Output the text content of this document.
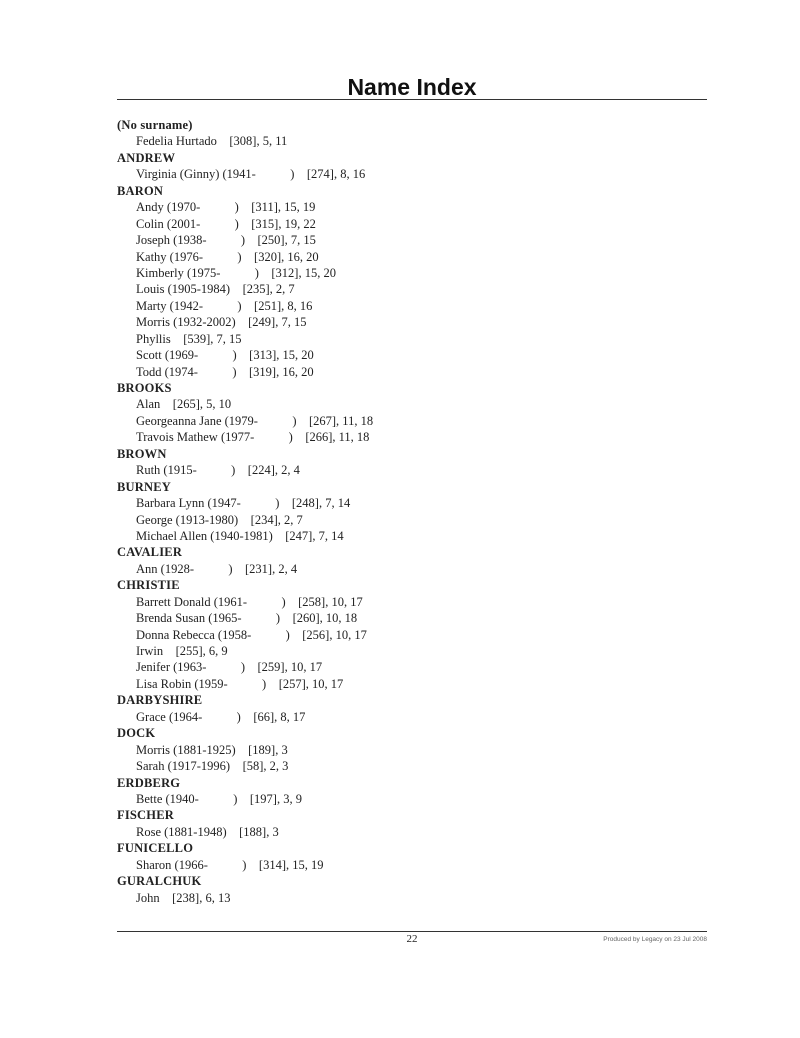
Name Index
(No surname)
Fedelia Hurtado    [308], 5, 11
ANDREW
Virginia (Ginny) (1941-           )    [274], 8, 16
BARON
Andy (1970-           )    [311], 15, 19
Colin (2001-           )    [315], 19, 22
Joseph (1938-           )    [250], 7, 15
Kathy (1976-           )    [320], 16, 20
Kimberly (1975-           )    [312], 15, 20
Louis (1905-1984)    [235], 2, 7
Marty (1942-           )    [251], 8, 16
Morris (1932-2002)    [249], 7, 15
Phyllis    [539], 7, 15
Scott (1969-           )    [313], 15, 20
Todd (1974-           )    [319], 16, 20
BROOKS
Alan    [265], 5, 10
Georgeanna Jane (1979-           )    [267], 11, 18
Travois Mathew (1977-           )    [266], 11, 18
BROWN
Ruth (1915-           )    [224], 2, 4
BURNEY
Barbara Lynn (1947-           )    [248], 7, 14
George (1913-1980)    [234], 2, 7
Michael Allen (1940-1981)    [247], 7, 14
CAVALIER
Ann (1928-           )    [231], 2, 4
CHRISTIE
Barrett Donald (1961-           )    [258], 10, 17
Brenda Susan (1965-           )    [260], 10, 18
Donna Rebecca (1958-           )    [256], 10, 17
Irwin    [255], 6, 9
Jenifer (1963-           )    [259], 10, 17
Lisa Robin (1959-           )    [257], 10, 17
DARBYSHIRE
Grace (1964-           )    [66], 8, 17
DOCK
Morris (1881-1925)    [189], 3
Sarah (1917-1996)    [58], 2, 3
ERDBERG
Bette (1940-           )    [197], 3, 9
FISCHER
Rose (1881-1948)    [188], 3
FUNICELLO
Sharon (1966-           )    [314], 15, 19
GURALCHUK
John    [238], 6, 13
22	Produced by Legacy on 23 Jul 2008
